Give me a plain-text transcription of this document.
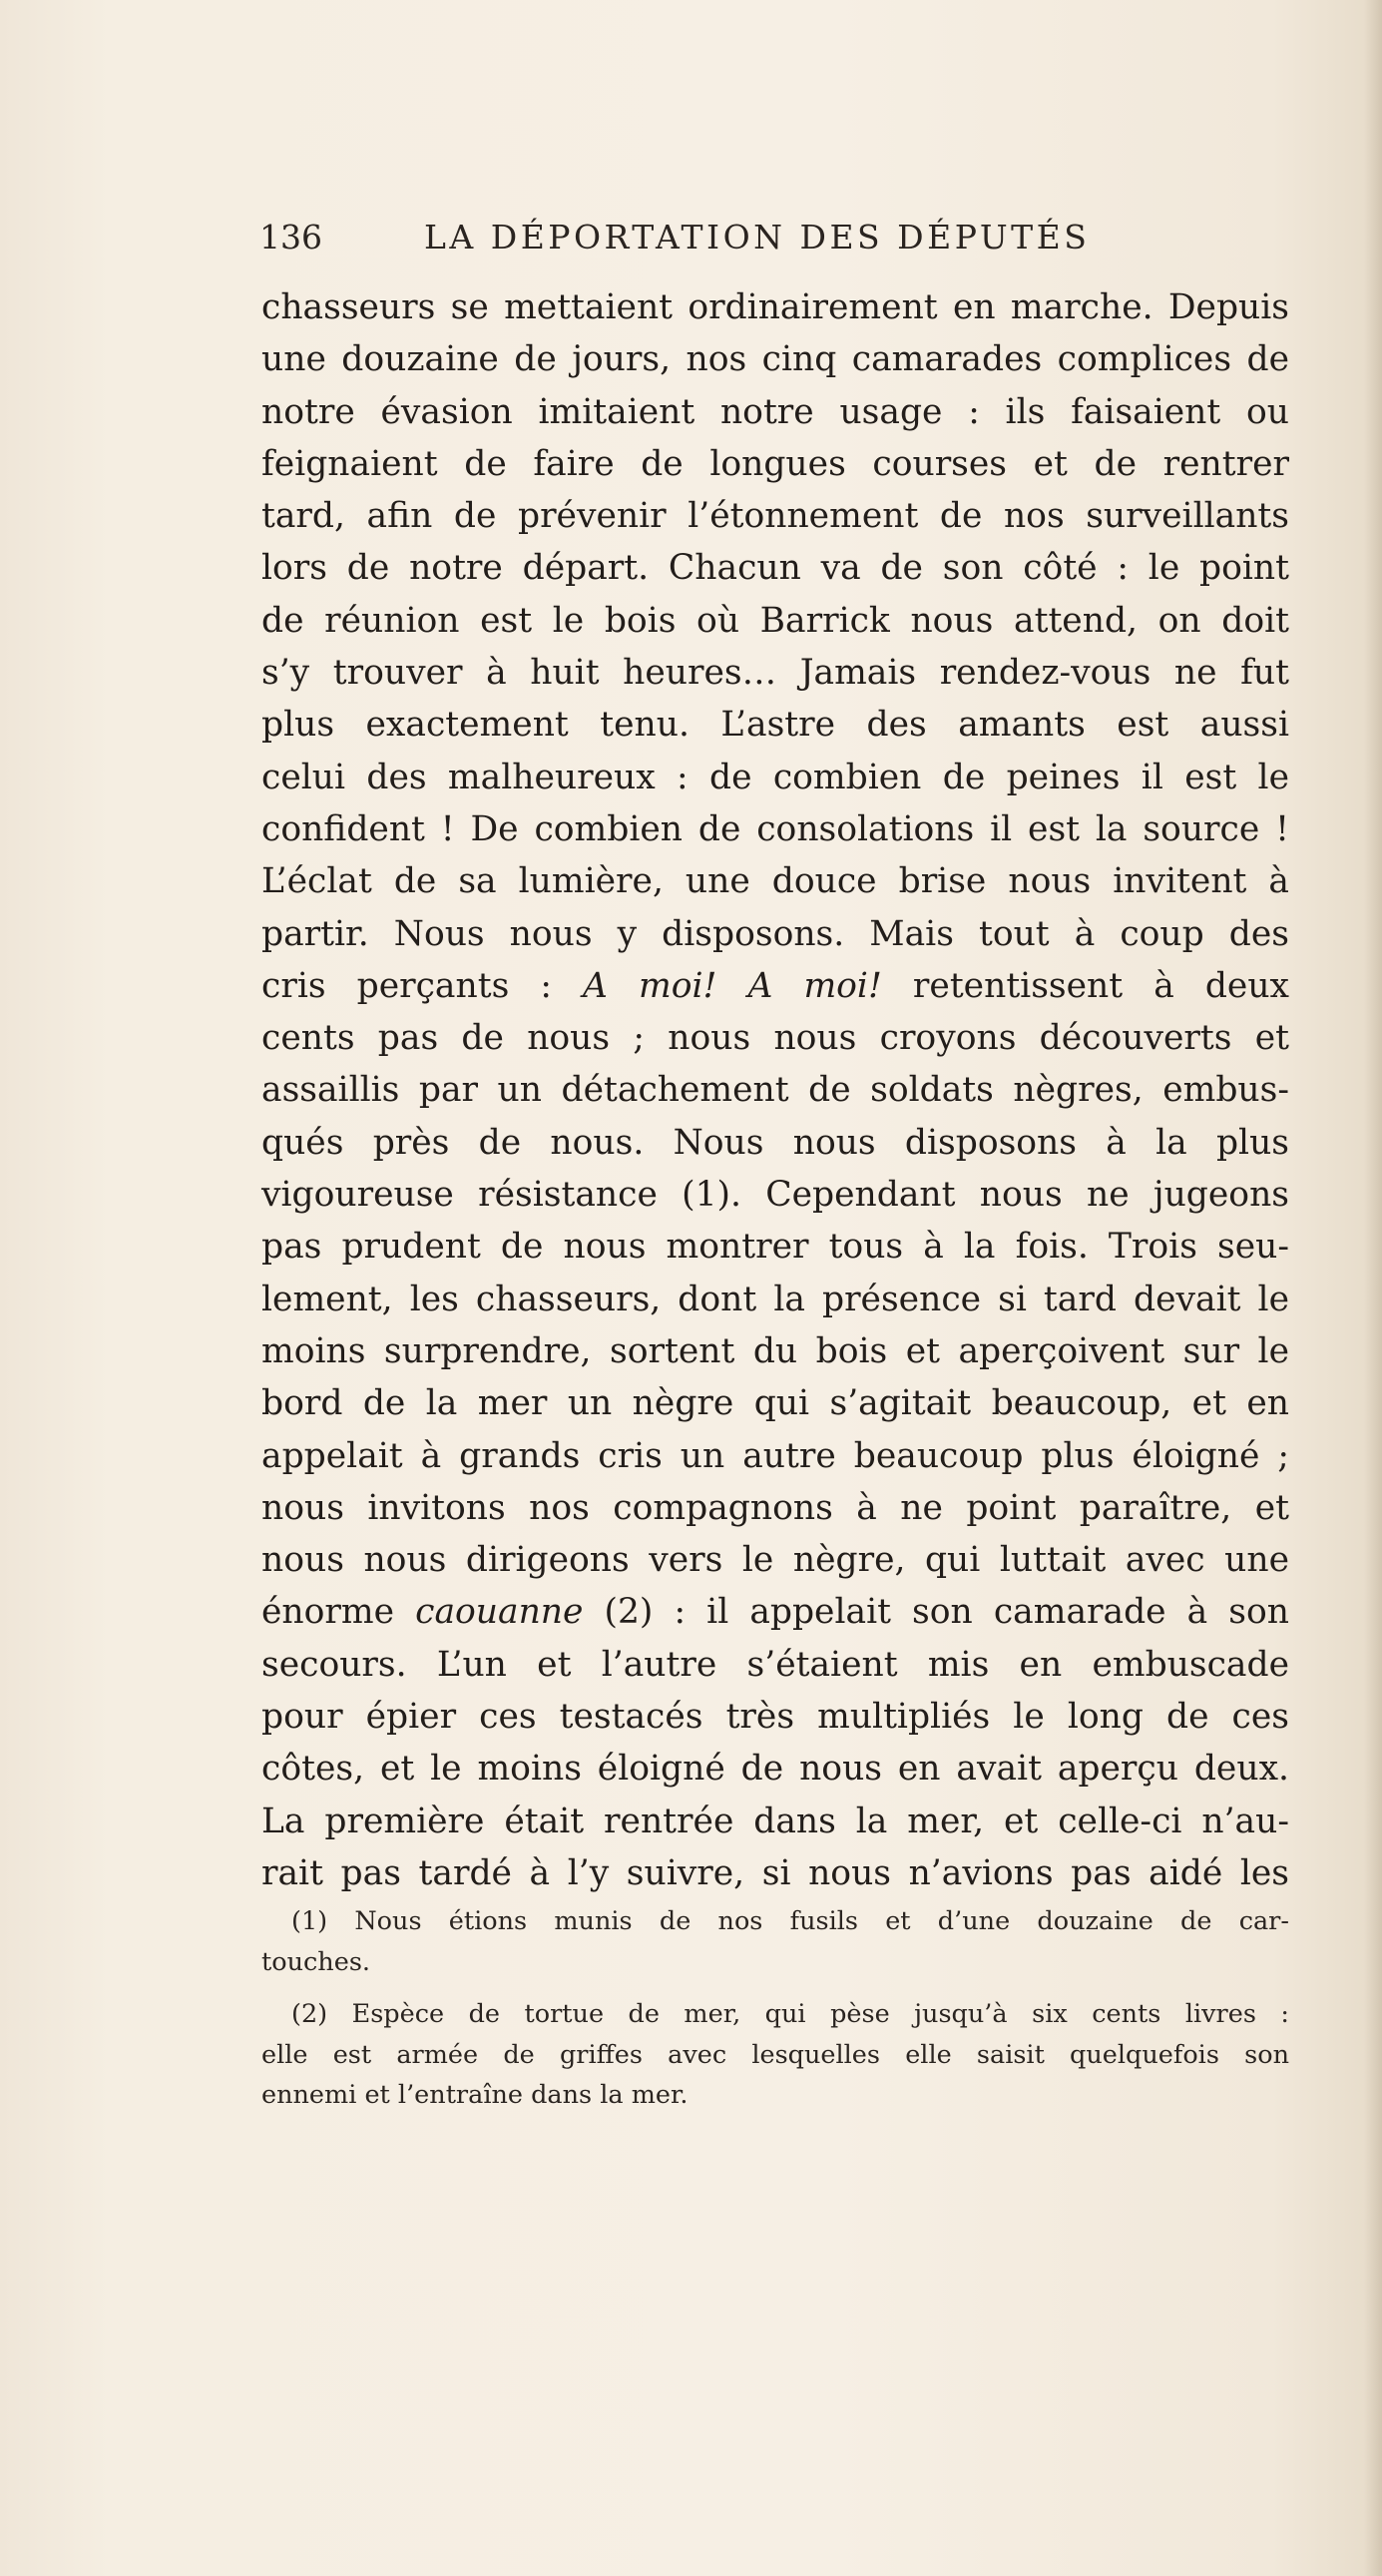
136	LA DÉPORTATION DES DÉPUTÉS
chasseurs se mettaient ordinairement en marche. Depuis
une douzaine de jours, nos cinq camarades complices de
notre évasion imitaient notre usage : ils faisaient ou
feignaient de faire de longues courses et de rentrer
tard, afin de prévenir l’étonnement de nos surveillants
lors de notre départ. Chacun va de son côté : le point
de réunion est le bois où Barrick nous attend, on doit
s’y trouver à huit heures… Jamais rendez-vous ne fut
plus exactement tenu. L’astre des amants est aussi
celui des malheureux : de combien de peines il est le
confident ! De combien de consolations il est la source !
L’éclat de sa lumière, une douce brise nous invitent à
partir. Nous nous y disposons. Mais tout à coup des
cris perçants : A moi! A moi! retentissent à deux
cents pas de nous ; nous nous croyons découverts et
assaillis par un détachement de soldats nègres, embus-
qués près de nous. Nous nous disposons à la plus
vigoureuse résistance (1). Cependant nous ne jugeons
pas prudent de nous montrer tous à la fois. Trois seu-
lement, les chasseurs, dont la présence si tard devait le
moins surprendre, sortent du bois et aperçoivent sur le
bord de la mer un nègre qui s’agitait beaucoup, et en
appelait à grands cris un autre beaucoup plus éloigné ;
nous invitons nos compagnons à ne point paraître, et
nous nous dirigeons vers le nègre, qui luttait avec une
énorme caouanne (2) : il appelait son camarade à son
secours. L’un et l’autre s’étaient mis en embuscade
pour épier ces testacés très multipliés le long de ces
côtes, et le moins éloigné de nous en avait aperçu deux.
La première était rentrée dans la mer, et celle-ci n’au-
rait pas tardé à l’y suivre, si nous n’avions pas aidé les
(1) Nous étions munis de nos fusils et d’une douzaine de car-
touches.
(2) Espèce de tortue de mer, qui pèse jusqu’à six cents livres :
elle est armée de griffes avec lesquelles elle saisit quelquefois son
ennemi et l’entraîne dans la mer.
